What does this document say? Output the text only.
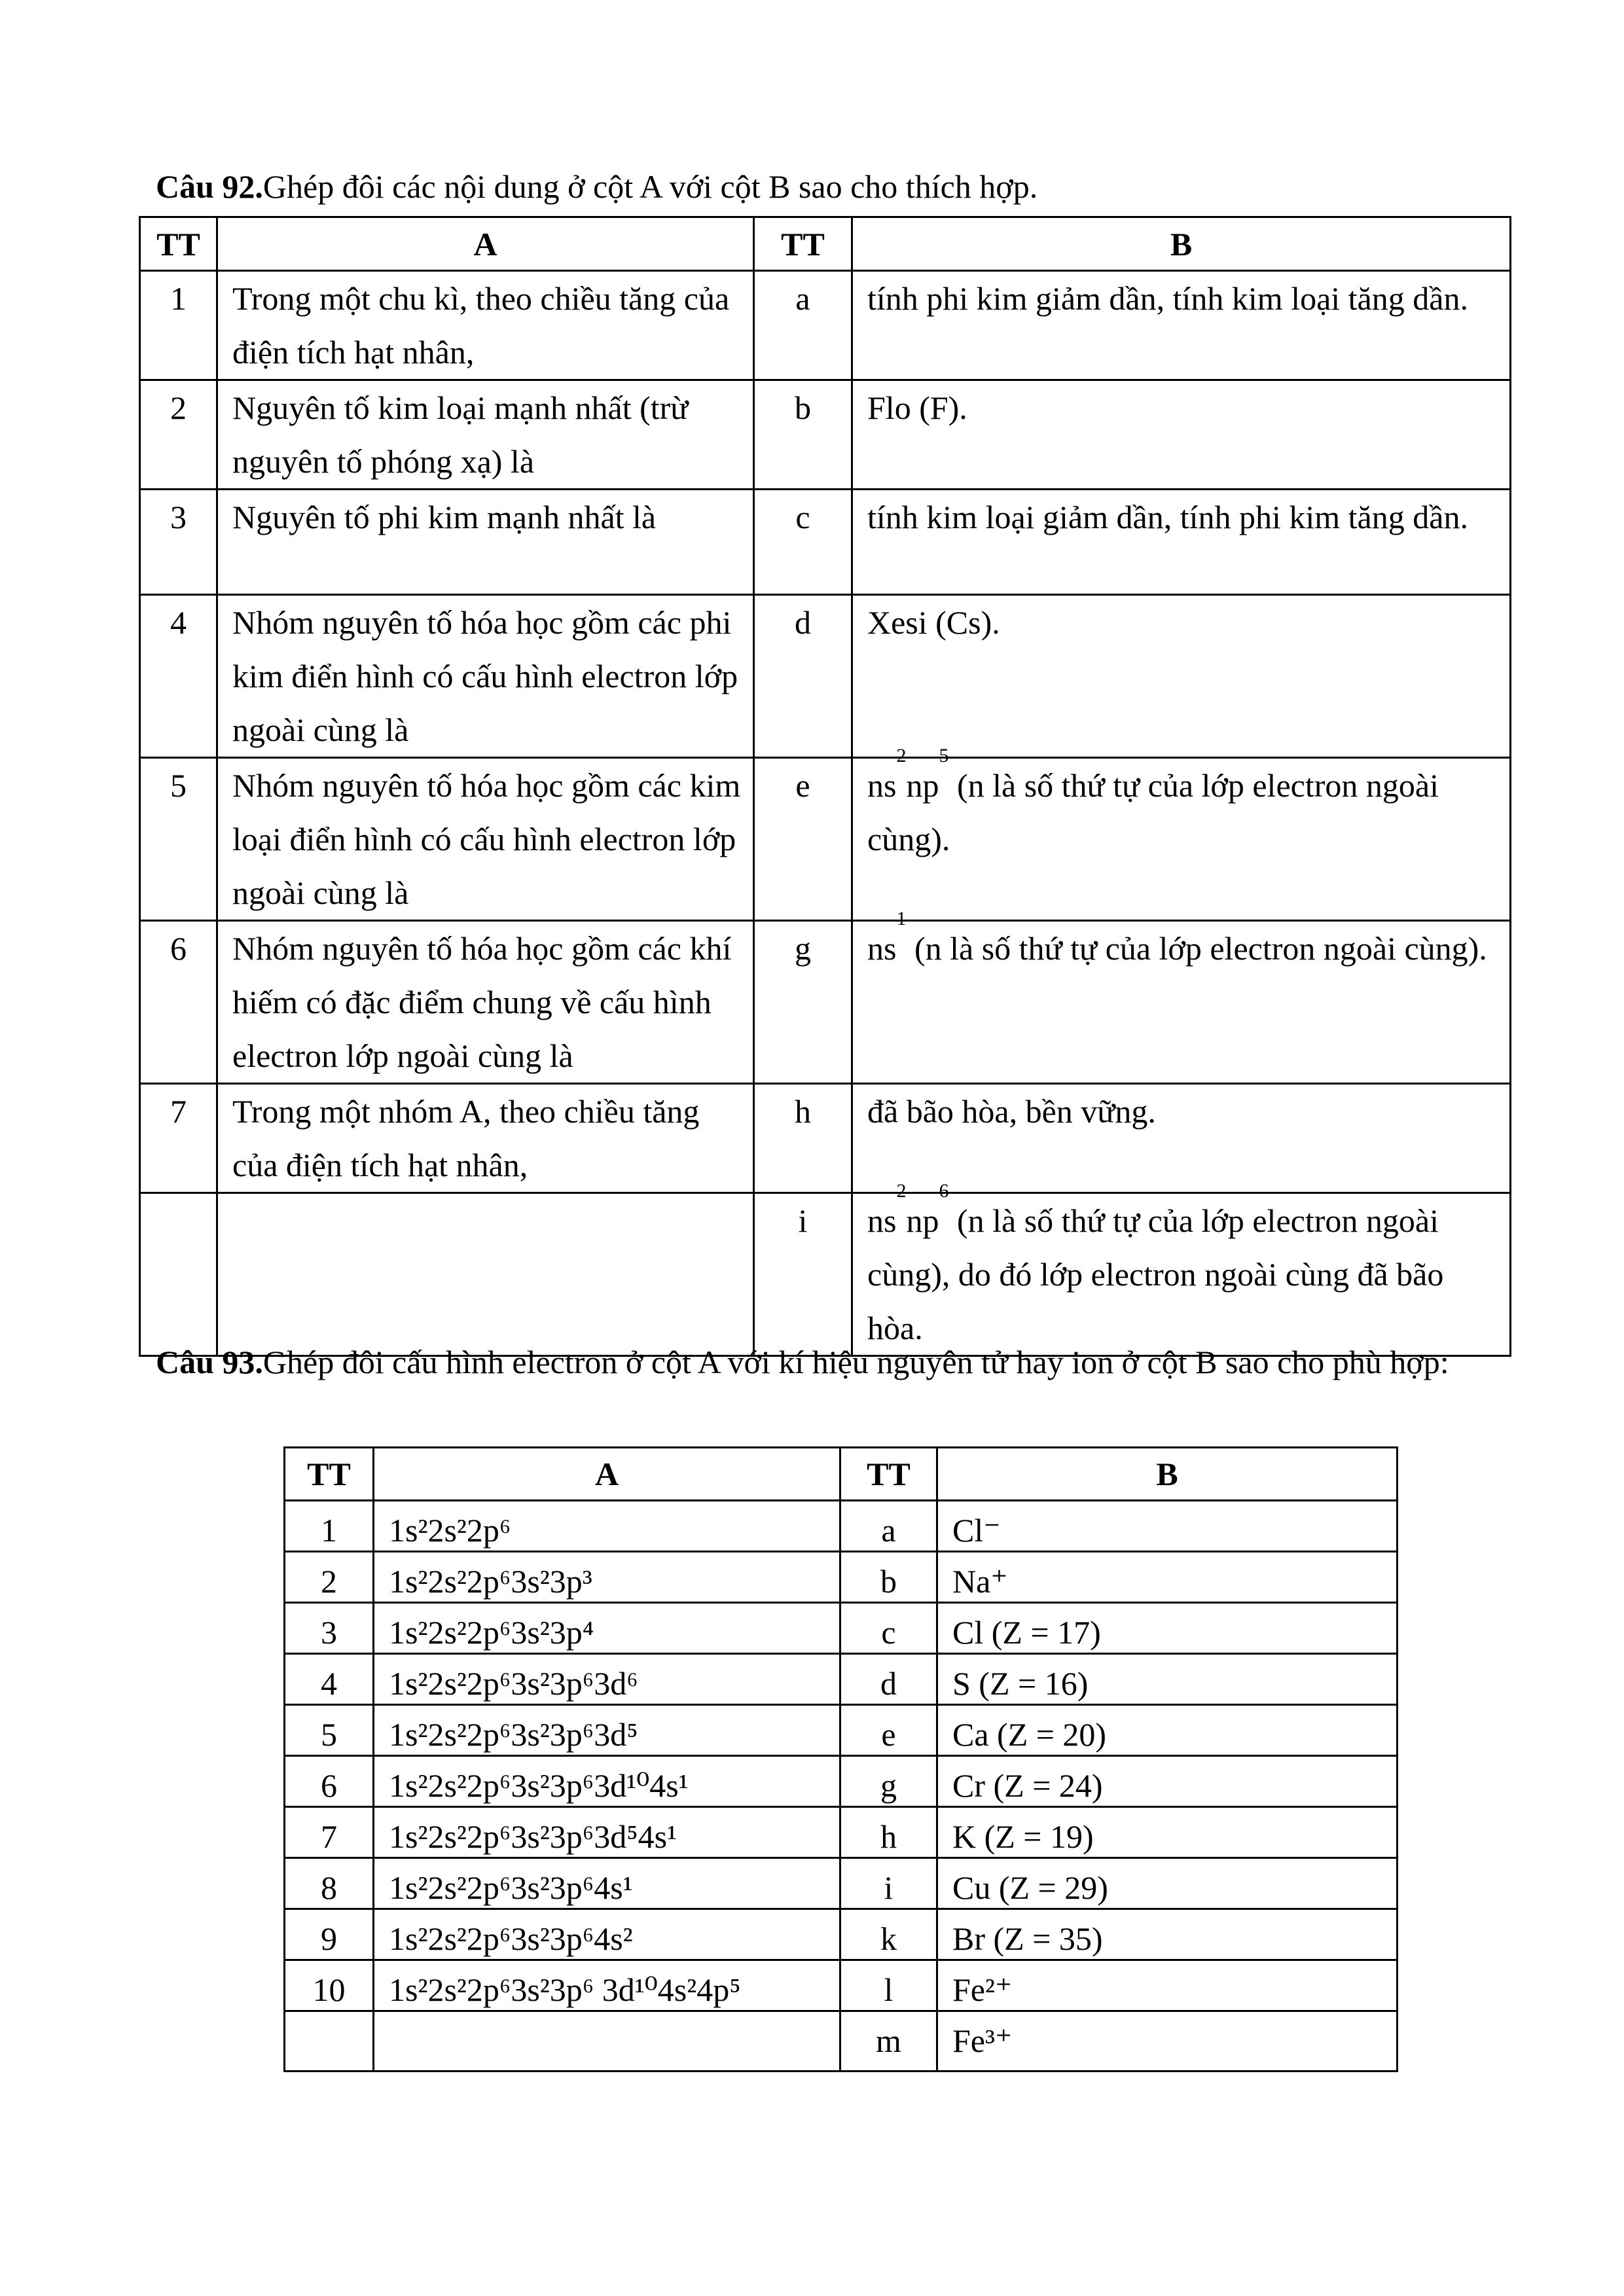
Câu 92.Ghép đôi các nội dung ở cột A với cột B sao cho thích hợp.
TT	A	TT	B
1	Trong một chu kì, theo chiều tăng của điện tích hạt nhân,	a	tính phi kim giảm dần, tính kim loại tăng dần.
2	Nguyên tố kim loại mạnh nhất (trừ nguyên tố phóng xạ) là	b	Flo (F).
3	Nguyên tố phi kim mạnh nhất là	c	tính kim loại giảm dần, tính phi kim tăng dần.
4	Nhóm nguyên tố hóa học gồm các phi kim điển hình có cấu hình electron lớp ngoài cùng là	d	Xesi (Cs).
5	Nhóm nguyên tố hóa học gồm các kim loại điển hình có cấu hình electron lớp ngoài cùng là	e	$ns^2np^5$ (n là số thứ tự của lớp electron ngoài cùng).
6	Nhóm nguyên tố hóa học gồm các khí hiếm có đặc điểm chung về cấu hình electron lớp ngoài cùng là	g	$ns^1$ (n là số thứ tự của lớp electron ngoài cùng).
7	Trong một nhóm A, theo chiều tăng của điện tích hạt nhân,	h	đã bão hòa, bền vững.
		i	$ns^2np^6$ (n là số thứ tự của lớp electron ngoài cùng), do đó lớp electron ngoài cùng đã bão hòa.
Câu 93.Ghép đôi cấu hình electron ở cột A với kí hiệu nguyên tử hay ion ở cột B sao cho phù hợp:
TT	A	TT	B
1	1s²2s²2p⁶	a	Cl⁻
2	1s²2s²2p⁶3s²3p³	b	Na⁺
3	1s²2s²2p⁶3s²3p⁴	c	Cl (Z = 17)
4	1s²2s²2p⁶3s²3p⁶3d⁶	d	S (Z = 16)
5	1s²2s²2p⁶3s²3p⁶3d⁵	e	Ca (Z = 20)
6	1s²2s²2p⁶3s²3p⁶3d¹⁰4s¹	g	Cr (Z = 24)
7	1s²2s²2p⁶3s²3p⁶3d⁵4s¹	h	K (Z = 19)
8	1s²2s²2p⁶3s²3p⁶4s¹	i	Cu (Z = 29)
9	1s²2s²2p⁶3s²3p⁶4s²	k	Br (Z = 35)
10	1s²2s²2p⁶3s²3p⁶ 3d¹⁰4s²4p⁵	l	Fe²⁺
		m	Fe³⁺
